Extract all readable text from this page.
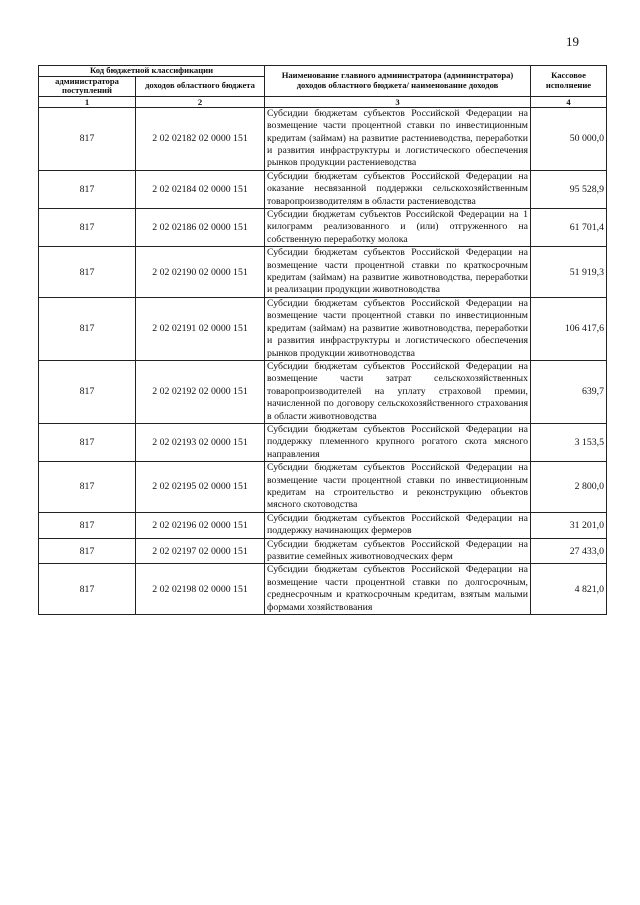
19
Код бюджетной классификации		Наименование главного администратора (администратора) доходов областного бюджета/ наименование доходов	Кассовое исполнение
администратора поступлений	доходов областного бюджета		
1	2	3	4
817	2 02 02182 02 0000 151	Субсидии бюджетам субъектов Российской Федерации на возмещение части процентной ставки по инвестиционным кредитам (займам) на развитие растениеводства, переработки и развития инфраструктуры и логистического обеспечения рынков продукции растениеводства	50 000,0
817	2 02 02184 02 0000 151	Субсидии бюджетам субъектов Российской Федерации на оказание несвязанной поддержки сельскохозяйственным товаропроизводителям в области растениеводства	95 528,9
817	2 02 02186 02 0000 151	Субсидии бюджетам субъектов Российской Федерации на 1 килограмм реализованного и (или) отгруженного на собственную переработку молока	61 701,4
817	2 02 02190 02 0000 151	Субсидии бюджетам субъектов Российской Федерации на возмещение части процентной ставки по краткосрочным кредитам (займам) на развитие животноводства, переработки и реализации продукции животноводства	51 919,3
817	2 02 02191 02 0000 151	Субсидии бюджетам субъектов Российской Федерации на возмещение части процентной ставки по инвестиционным кредитам (займам) на развитие животноводства, переработки и развития инфраструктуры и логистического обеспечения рынков продукции животноводства	106 417,6
817	2 02 02192 02 0000 151	Субсидии бюджетам субъектов Российской Федерации на возмещение части затрат сельскохозяйственных товаропроизводителей на уплату страховой премии, начисленной по договору сельскохозяйственного страхования в области животноводства	639,7
817	2 02 02193 02 0000 151	Субсидии бюджетам субъектов Российской Федерации на поддержку племенного крупного рогатого скота мясного направления	3 153,5
817	2 02 02195 02 0000 151	Субсидии бюджетам субъектов Российской Федерации на возмещение части процентной ставки по инвестиционным кредитам на строительство и реконструкцию объектов мясного скотоводства	2 800,0
817	2 02 02196 02 0000 151	Субсидии бюджетам субъектов Российской Федерации на поддержку начинающих фермеров	31 201,0
817	2 02 02197 02 0000 151	Субсидии бюджетам субъектов Российской Федерации на развитие семейных животноводческих ферм	27 433,0
817	2 02 02198 02 0000 151	Субсидии бюджетам субъектов Российской Федерации на возмещение части процентной ставки по долгосрочным, среднесрочным и краткосрочным кредитам, взятым малыми формами хозяйствования	4 821,0
